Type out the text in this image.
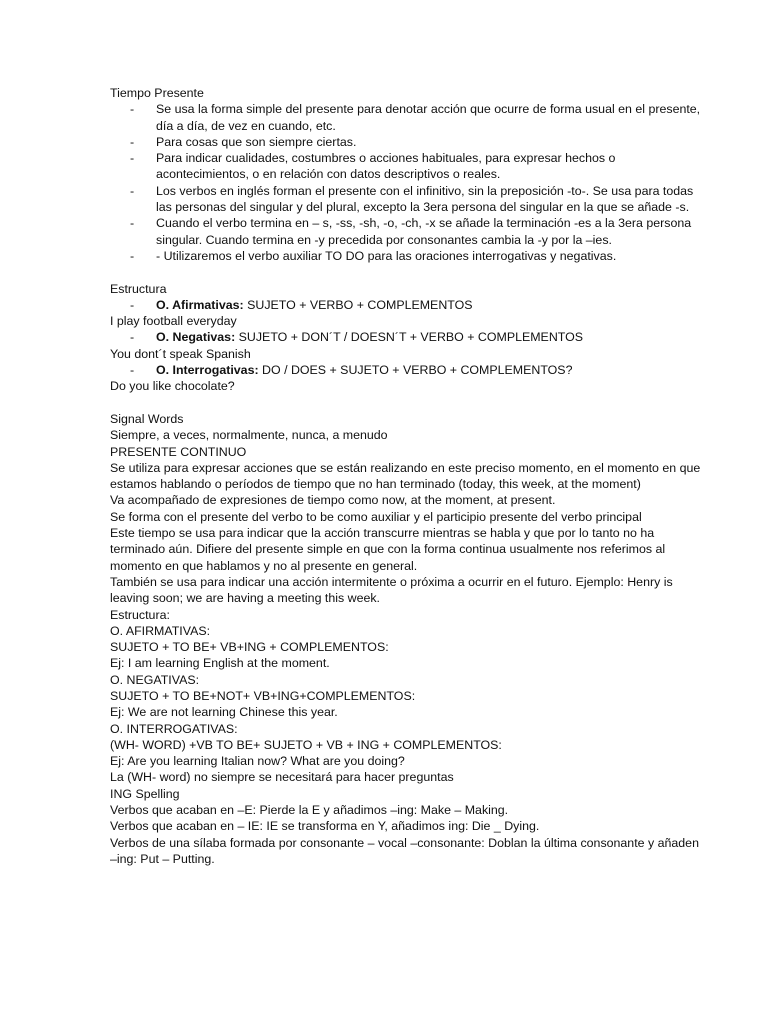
Tiempo Presente
- Se usa la forma simple del presente para denotar acción que ocurre de forma usual en el presente, día a día, de vez en cuando, etc.
- Para cosas que son siempre ciertas.
- Para indicar cualidades, costumbres o acciones habituales, para expresar hechos o acontecimientos, o en relación con datos descriptivos o reales.
- Los verbos en inglés forman el presente con el infinitivo, sin la preposición -to-. Se usa para todas las personas del singular y del plural, excepto la 3era persona del singular en la que se añade -s.
- Cuando el verbo termina en – s, -ss, -sh, -o, -ch, -x se añade la terminación -es a la 3era persona singular. Cuando termina en -y precedida por consonantes cambia la -y por la –ies.
- - Utilizaremos el verbo auxiliar TO DO para las oraciones interrogativas y negativas.
Estructura
- O. Afirmativas: SUJETO + VERBO + COMPLEMENTOS
I play football everyday
- O. Negativas: SUJETO + DON´T / DOESN´T + VERBO + COMPLEMENTOS
You dont´t speak Spanish
- O. Interrogativas: DO / DOES + SUJETO + VERBO + COMPLEMENTOS?
Do you like chocolate?
Signal Words
Siempre, a veces, normalmente, nunca, a menudo
PRESENTE CONTINUO
Se utiliza para expresar acciones que se están realizando en este preciso momento, en el momento en que estamos hablando o períodos de tiempo que no han terminado (today, this week, at the moment)
Va acompañado de expresiones de tiempo como now, at the moment, at present.
Se forma con el presente del verbo to be como auxiliar y el participio presente del verbo principal
Este tiempo se usa para indicar que la acción transcurre mientras se habla y que por lo tanto no ha terminado aún. Difiere del presente simple en que con la forma continua usualmente nos referimos al momento en que hablamos y no al presente en general.
También se usa para indicar una acción intermitente o próxima a ocurrir en el futuro. Ejemplo: Henry is leaving soon; we are having a meeting this week.
Estructura:
O. AFIRMATIVAS:
SUJETO + TO BE+ VB+ING + COMPLEMENTOS:
Ej: I am learning English at the moment.
O. NEGATIVAS:
SUJETO + TO BE+NOT+ VB+ING+COMPLEMENTOS:
Ej: We are not learning Chinese this year.
O. INTERROGATIVAS:
(WH- WORD) +VB TO BE+ SUJETO + VB + ING + COMPLEMENTOS:
Ej: Are you learning Italian now? What are you doing?
La (WH- word) no siempre se necesitará para hacer preguntas
ING Spelling
Verbos que acaban en –E: Pierde la E y añadimos –ing: Make – Making.
Verbos que acaban en – IE: IE se transforma en Y, añadimos ing: Die _ Dying.
Verbos de una sílaba formada por consonante – vocal –consonante: Doblan la última consonante y añaden –ing: Put – Putting.
